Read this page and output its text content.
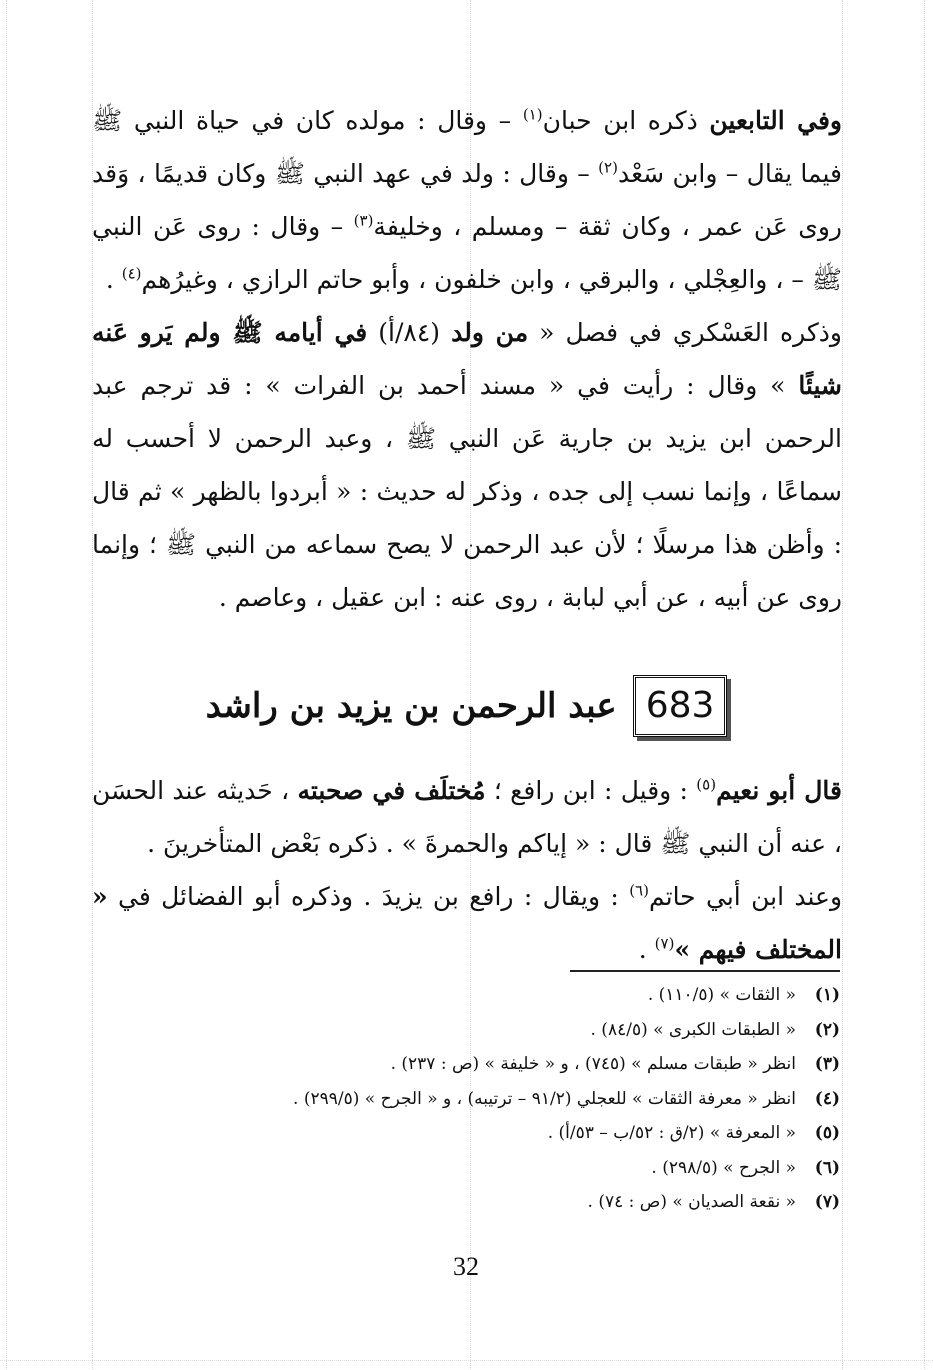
وفي التابعين ذكره ابن حبان$^{(١)}$ – وقال : مولده كان في حياة النبي ﷺ فيما يقال – وابن سَعْد$^{(٢)}$ – وقال : ولد في عهد النبي ﷺ وكان قديمًا ، وَقد روى عَن عمر ، وكان ثقة – ومسلم ، وخليفة$^{(٣)}$ – وقال : روى عَن النبي ﷺ – ، والعِجْلي ، والبرقي ، وابن خلفون ، وأبو حاتم الرازي ، وغيرُهم$^{(٤)}$ .

وذكره العَسْكري في فصل « من ولد (٨٤/أ) في أيامه ﷺ ولم يَرو عَنه شيئًا » وقال : رأيت في « مسند أحمد بن الفرات » : قد ترجم عبد الرحمن ابن يزيد بن جارية عَن النبي ﷺ ، وعبد الرحمن لا أحسب له سماعًا ، وإنما نسب إلى جده ، وذكر له حديث : « أبردوا بالظهر » ثم قال : وأظن هذا مرسلًا ؛ لأن عبد الرحمن لا يصح سماعه من النبي ﷺ ؛ وإنما روى عن أبيه ، عن أبي لبابة ، روى عنه : ابن عقيل ، وعاصم .

683
عبد الرحمن بن يزيد بن راشد

قال أبو نعيم$^{(٥)}$ : وقيل : ابن رافع ؛ مُختلَف في صحبته ، حَديثه عند الحسَن ، عنه أن النبي ﷺ قال : « إياكم والحمرةَ » . ذكره بَعْض المتأخرينَ .

وعند ابن أبي حاتم$^{(٦)}$ : ويقال : رافع بن يزيدَ . وذكره أبو الفضائل في « المختلف فيهم »$^{(٧)}$ .

(١)
« الثقات » (١١٠/٥) .
(٢)
« الطبقات الكبرى » (٨٤/٥) .
(٣)
انظر « طبقات مسلم » (٧٤٥) ، و « خليفة » (ص : ٢٣٧) .
(٤)
انظر « معرفة الثقات » للعجلي (٩١/٢ – ترتيبه) ، و « الجرح » (٢٩٩/٥) .
(٥)
« المعرفة » (٢/ق : ٥٢/ب – ٥٣/أ) .
(٦)
« الجرح » (٢٩٨/٥) .
(٧)
« نقعة الصديان » (ص : ٧٤) .
32
